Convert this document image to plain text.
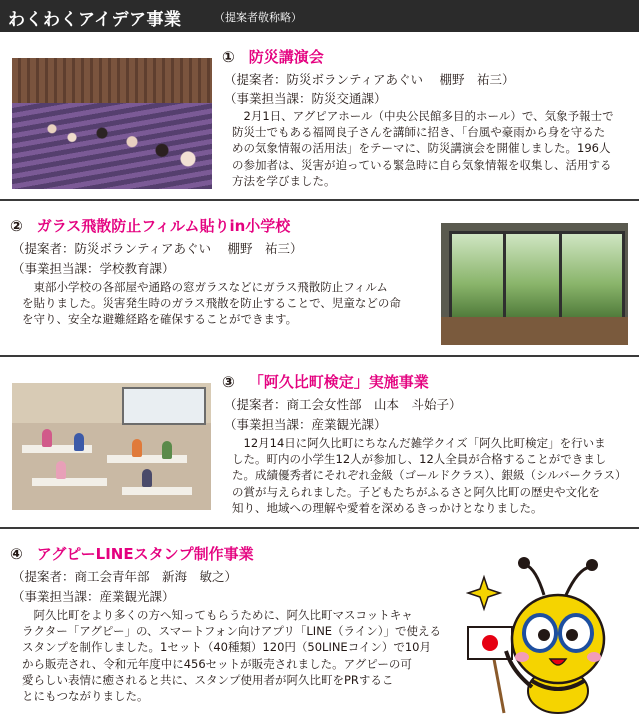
わくわくアイデア事業	（提案者敬称略）
① 防災講演会
（提案者：防災ボランティアあぐい　 棚野　祐三）
（事業担当課：防災交通課）
2月1日、アグピアホール（中央公民館多目的ホール）で、気象予報士で
防災士でもある福岡良子さんを講師に招き、「台風や豪雨から身を守るた
めの気象情報の活用法」をテーマに、防災講演会を開催しました。196人
の参加者は、災害が迫っている緊急時に自ら気象情報を収集し、活用する
方法を学びました。
② ガラス飛散防止フィルム貼りin小学校
（提案者：防災ボランティアあぐい　 棚野　祐三）
（事業担当課：学校教育課）
東部小学校の各部屋や通路の窓ガラスなどにガラス飛散防止フィルム
を貼りました。災害発生時のガラス飛散を防止することで、児童などの命
を守り、安全な避難経路を確保することができます。
③ 「阿久比町検定」実施事業
（提案者：商工会女性部　山本　斗始子）
（事業担当課：産業観光課）
12月14日に阿久比町にちなんだ雑学クイズ「阿久比町検定」を行いま
した。町内の小学生12人が参加し、12人全員が合格することができまし
た。成績優秀者にそれぞれ金級（ゴールドクラス）、銀級（シルバークラス）
の賞が与えられました。子どもたちがふるさと阿久比町の歴史や文化を
知り、地域への理解や愛着を深めるきっかけとなりました。
④ アグピーLINEスタンプ制作事業
（提案者：商工会青年部　新海　敏之）
（事業担当課：産業観光課）
阿久比町をより多くの方へ知ってもらうために、阿久比町マスコットキャ
ラクター「アグピー」の、スマートフォン向けアプリ「LINE（ライン）」で使える
スタンプを制作しました。1セット（40種類）120円（50LINEコイン）で10月
から販売され、令和元年度中に456セットが販売されました。アグピーの可
愛らしい表情に癒されると共に、スタンプ使用者が阿久比町をPRするこ
とにもつながりました。
